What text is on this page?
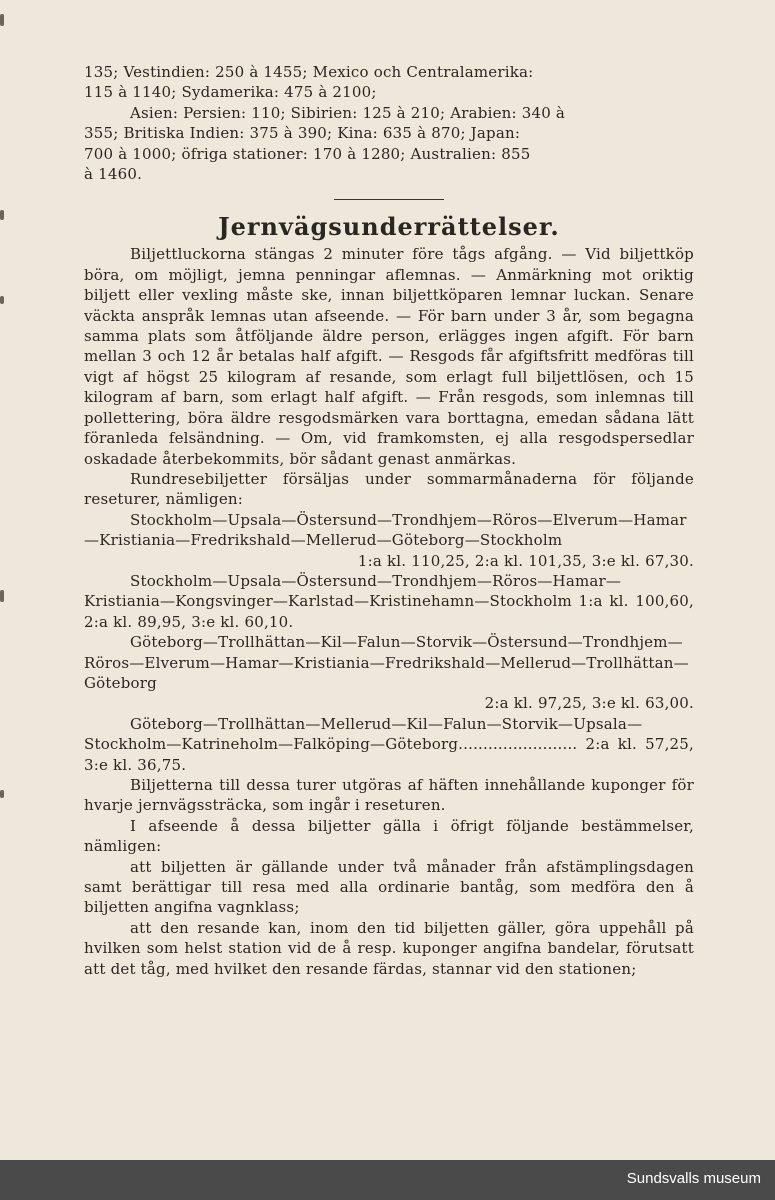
135; Vestindien: 250 à 1455; Mexico och Centralamerika:

115 à 1140; Sydamerika: 475 à 2100;

Asien: Persien: 110; Sibirien: 125 à 210; Arabien: 340 à

355; Britiska Indien: 375 à 390; Kina: 635 à 870; Japan:

700 à 1000; öfriga stationer: 170 à 1280; Australien: 855

à 1460.

Jernvägsunderrättelser.

Biljettluckorna stängas 2 minuter före tågs afgång. — Vid biljettköp böra, om möjligt, jemna penningar aflemnas. — Anmärkning mot oriktig biljett eller vexling måste ske, innan biljettköparen lemnar luckan. Senare väckta anspråk lemnas utan afseende. — För barn under 3 år, som begagna samma plats som åtföljande äldre person, erlägges ingen afgift. För barn mellan 3 och 12 år betalas half afgift. — Resgods får afgiftsfritt medföras till vigt af högst 25 kilogram af resande, som erlagt full biljettlösen, och 15 kilogram af barn, som erlagt half afgift. — Från resgods, som inlemnas till pollettering, böra äldre resgodsmärken vara borttagna, emedan sådana lätt föranleda felsändning. — Om, vid framkomsten, ej alla resgodspersedlar oskadade återbekommits, bör sådant genast anmärkas.

Rundresebiljetter försäljas under sommarmånaderna för följande reseturer, nämligen:

Stockholm—Upsala—Östersund—Trondhjem—Röros—Elverum—Hamar—Kristiania—Fredrikshald—Mellerud—Göteborg—Stockholm

1:a kl. 110,25, 2:a kl. 101,35, 3:e kl. 67,30.

Stockholm—Upsala—Östersund—Trondhjem—Röros—Hamar—Kristiania—Kongsvinger—Karlstad—Kristinehamn—Stockholm 1:a kl. 100,60, 2:a kl. 89,95, 3:e kl. 60,10.

Göteborg—Trollhättan—Kil—Falun—Storvik—Östersund—Trondhjem—Röros—Elverum—Hamar—Kristiania—Fredrikshald—Mellerud—Trollhättan—Göteborg

2:a kl. 97,25, 3:e kl. 63,00.

Göteborg—Trollhättan—Mellerud—Kil—Falun—Storvik—Upsala—Stockholm—Katrineholm—Falköping—Göteborg........................ 2:a kl. 57,25, 3:e kl. 36,75.

Biljetterna till dessa turer utgöras af häften innehållande kuponger för hvarje jernvägssträcka, som ingår i reseturen.

I afseende å dessa biljetter gälla i öfrigt följande bestämmelser, nämligen:

att biljetten är gällande under två månader från afstämplingsdagen samt berättigar till resa med alla ordinarie bantåg, som medföra den å biljetten angifna vagnklass;

att den resande kan, inom den tid biljetten gäller, göra uppehåll på hvilken som helst station vid de å resp. kuponger angifna bandelar, förutsatt att det tåg, med hvilket den resande färdas, stannar vid den stationen;

Sundsvalls museum
